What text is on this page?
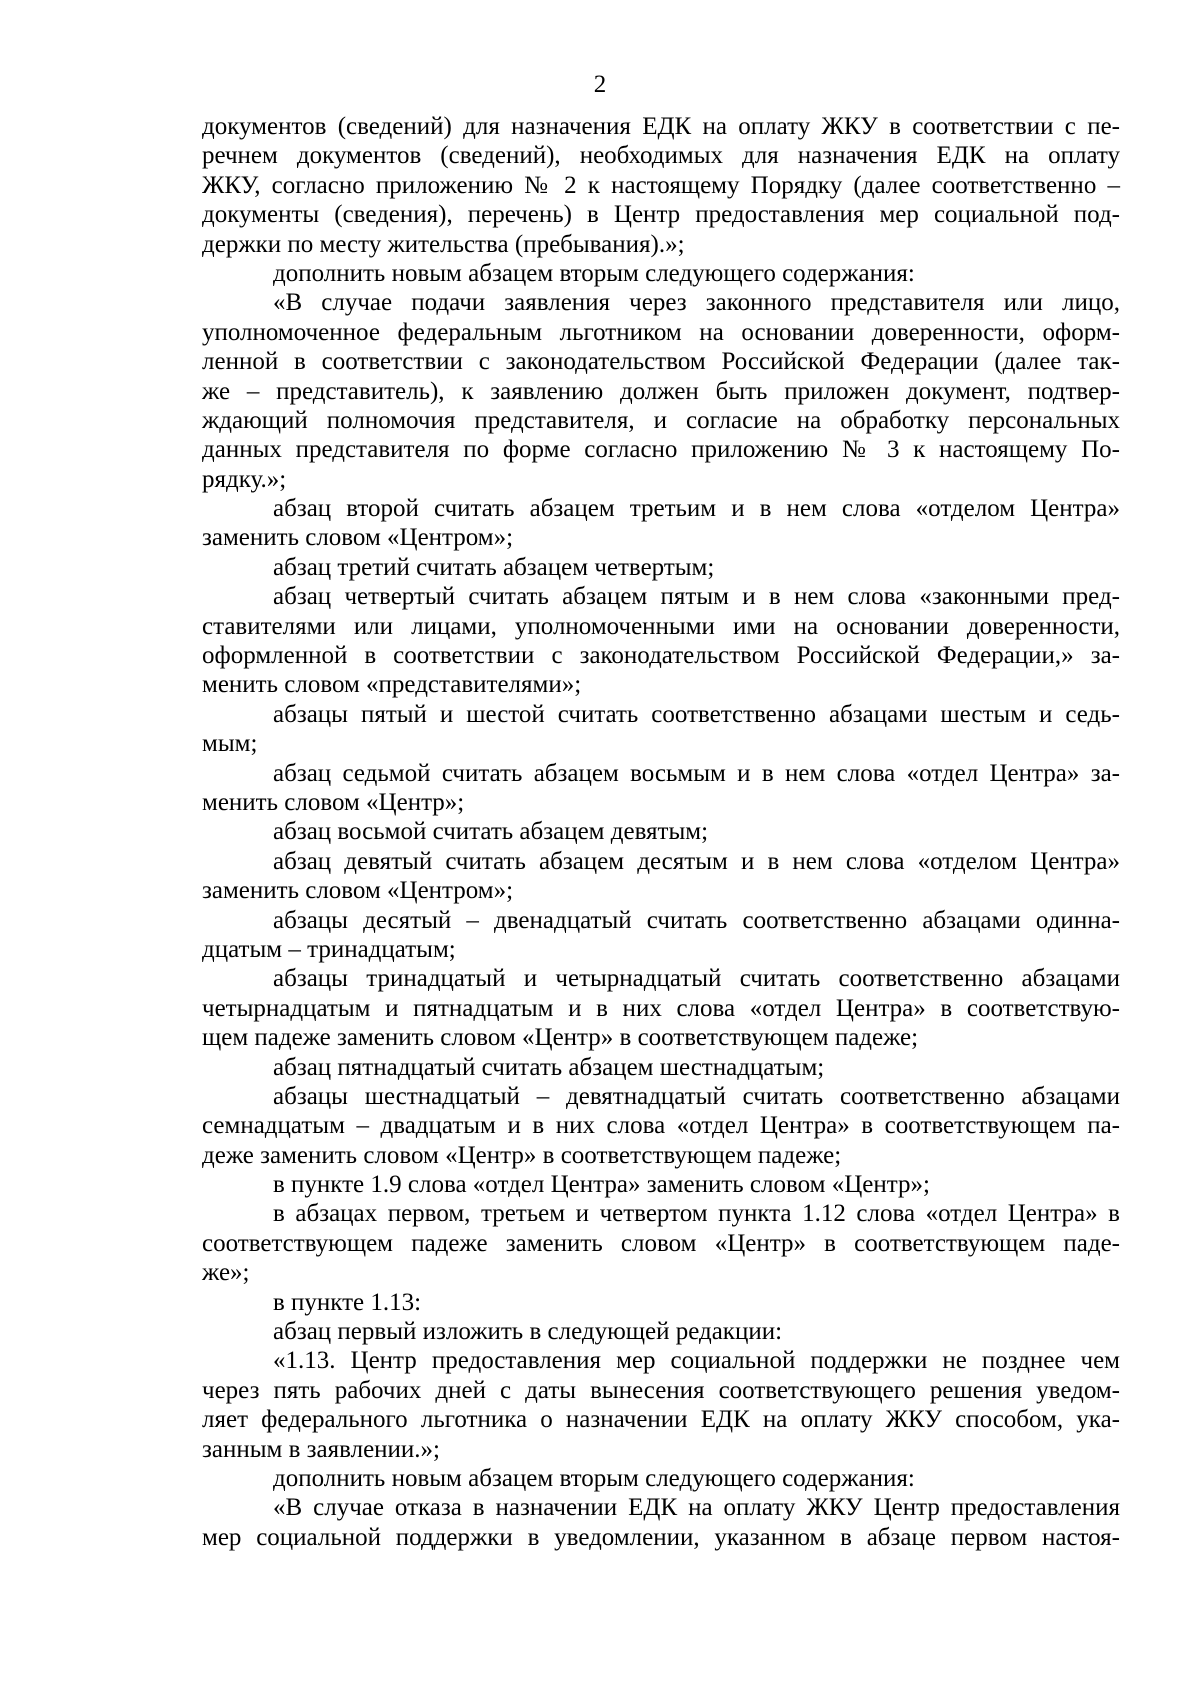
2
документов (сведений) для назначения ЕДК на оплату ЖКУ в соответствии с пе-
речнем документов (сведений), необходимых для назначения ЕДК на оплату
ЖКУ, согласно приложению № 2 к настоящему Порядку (далее соответственно –
документы (сведения), перечень) в Центр предоставления мер социальной под-
держки по месту жительства (пребывания).»;
дополнить новым абзацем вторым следующего содержания:
«В случае подачи заявления через законного представителя или лицо,
уполномоченное федеральным льготником на основании доверенности, оформ-
ленной в соответствии с законодательством Российской Федерации (далее так-
же – представитель), к заявлению должен быть приложен документ, подтвер-
ждающий полномочия представителя, и согласие на обработку персональных
данных представителя по форме согласно приложению № 3 к настоящему По-
рядку.»;
абзац второй считать абзацем третьим и в нем слова «отделом Центра»
заменить словом «Центром»;
абзац третий считать абзацем четвертым;
абзац четвертый считать абзацем пятым и в нем слова «законными пред-
ставителями или лицами, уполномоченными ими на основании доверенности,
оформленной в соответствии с законодательством Российской Федерации,» за-
менить словом «представителями»;
абзацы пятый и шестой считать соответственно абзацами шестым и седь-
мым;
абзац седьмой считать абзацем восьмым и в нем слова «отдел Центра» за-
менить словом «Центр»;
абзац восьмой считать абзацем девятым;
абзац девятый считать абзацем десятым и в нем слова «отделом Центра»
заменить словом «Центром»;
абзацы десятый – двенадцатый считать соответственно абзацами одинна-
дцатым – тринадцатым;
абзацы тринадцатый и четырнадцатый считать соответственно абзацами
четырнадцатым и пятнадцатым и в них слова «отдел Центра» в соответствую-
щем падеже заменить словом «Центр» в соответствующем падеже;
абзац пятнадцатый считать абзацем шестнадцатым;
абзацы шестнадцатый – девятнадцатый считать соответственно абзацами
семнадцатым – двадцатым и в них слова «отдел Центра» в соответствующем па-
деже заменить словом «Центр» в соответствующем падеже;
в пункте 1.9 слова «отдел Центра» заменить словом «Центр»;
в абзацах первом, третьем и четвертом пункта 1.12 слова «отдел Центра» в
соответствующем падеже заменить словом «Центр» в соответствующем паде-
же»;
в пункте 1.13:
абзац первый изложить в следующей редакции:
«1.13. Центр предоставления мер социальной поддержки не позднее чем
через пять рабочих дней с даты вынесения соответствующего решения уведом-
ляет федерального льготника о назначении ЕДК на оплату ЖКУ способом, ука-
занным в заявлении.»;
дополнить новым абзацем вторым следующего содержания:
«В случае отказа в назначении ЕДК на оплату ЖКУ Центр предоставления
мер социальной поддержки в уведомлении, указанном в абзаце первом настоя-
